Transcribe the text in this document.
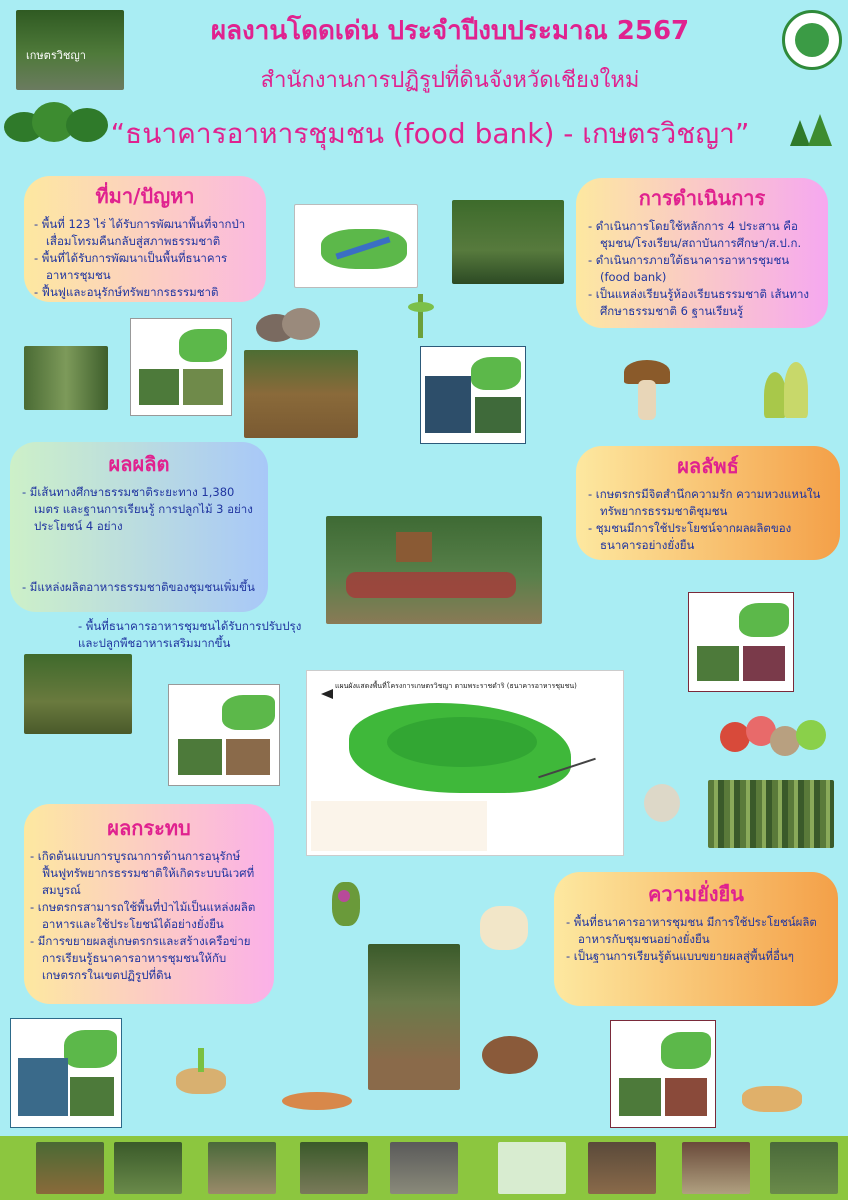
เกษตรวิชญา
ผลงานโดดเด่น ประจำปีงบประมาณ 2567
สำนักงานการปฏิรูปที่ดินจังหวัดเชียงใหม่
“ธนาคารอาหารชุมชน (food bank) - เกษตรวิชญา”
ที่มา/ปัญหา
- พื้นที่ 123 ไร่ ได้รับการพัฒนาพื้นที่จากป่าเสื่อมโทรมคืนกลับสู่สภาพธรรมชาติ
- พื้นที่ได้รับการพัฒนาเป็นพื้นที่ธนาคารอาหารชุมชน
- ฟื้นฟูและอนุรักษ์ทรัพยากรธรรมชาติ
การดำเนินการ
- ดำเนินการโดยใช้หลักการ 4 ประสาน คือ ชุมชน/โรงเรียน/สถาบันการศึกษา/ส.ป.ก.
- ดำเนินการภายใต้ธนาคารอาหารชุมชน (food bank)
- เป็นแหล่งเรียนรู้ห้องเรียนธรรมชาติ เส้นทางศึกษาธรรมชาติ 6 ฐานเรียนรู้
ผลผลิต
- มีเส้นทางศึกษาธรรมชาติระยะทาง 1,380 เมตร และฐานการเรียนรู้ การปลูกไม้ 3 อย่าง ประโยชน์ 4 อย่าง
- มีแหล่งผลิตอาหารธรรมชาติของชุมชนเพิ่มขึ้น
- พื้นที่ธนาคารอาหารชุมชนได้รับการปรับปรุงและปลูกพืชอาหารเสริมมากขึ้น
ผลลัพธ์
- เกษตรกรมีจิตสำนึกความรัก ความหวงแหนในทรัพยากรธรรมชาติชุมชน
- ชุมชนมีการใช้ประโยชน์จากผลผลิตของธนาคารอย่างยั่งยืน
แผนผังแสดงพื้นที่โครงการเกษตรวิชญา ตามพระราชดำริ (ธนาคารอาหารชุมชน)
ผลกระทบ
- เกิดต้นแบบการบูรณาการด้านการอนุรักษ์ ฟื้นฟูทรัพยากรธรรมชาติให้เกิดระบบนิเวศที่สมบูรณ์
- เกษตรกรสามารถใช้พื้นที่ป่าไม้เป็นแหล่งผลิตอาหารและใช้ประโยชน์ได้อย่างยั่งยืน
- มีการขยายผลสู่เกษตรกรและสร้างเครือข่ายการเรียนรู้ธนาคารอาหารชุมชนให้กับเกษตรกรในเขตปฏิรูปที่ดิน
ความยั่งยืน
- พื้นที่ธนาคารอาหารชุมชน มีการใช้ประโยชน์ผลิตอาหารกับชุมชนอย่างยั่งยืน
- เป็นฐานการเรียนรู้ต้นแบบขยายผลสู่พื้นที่อื่นๆ
